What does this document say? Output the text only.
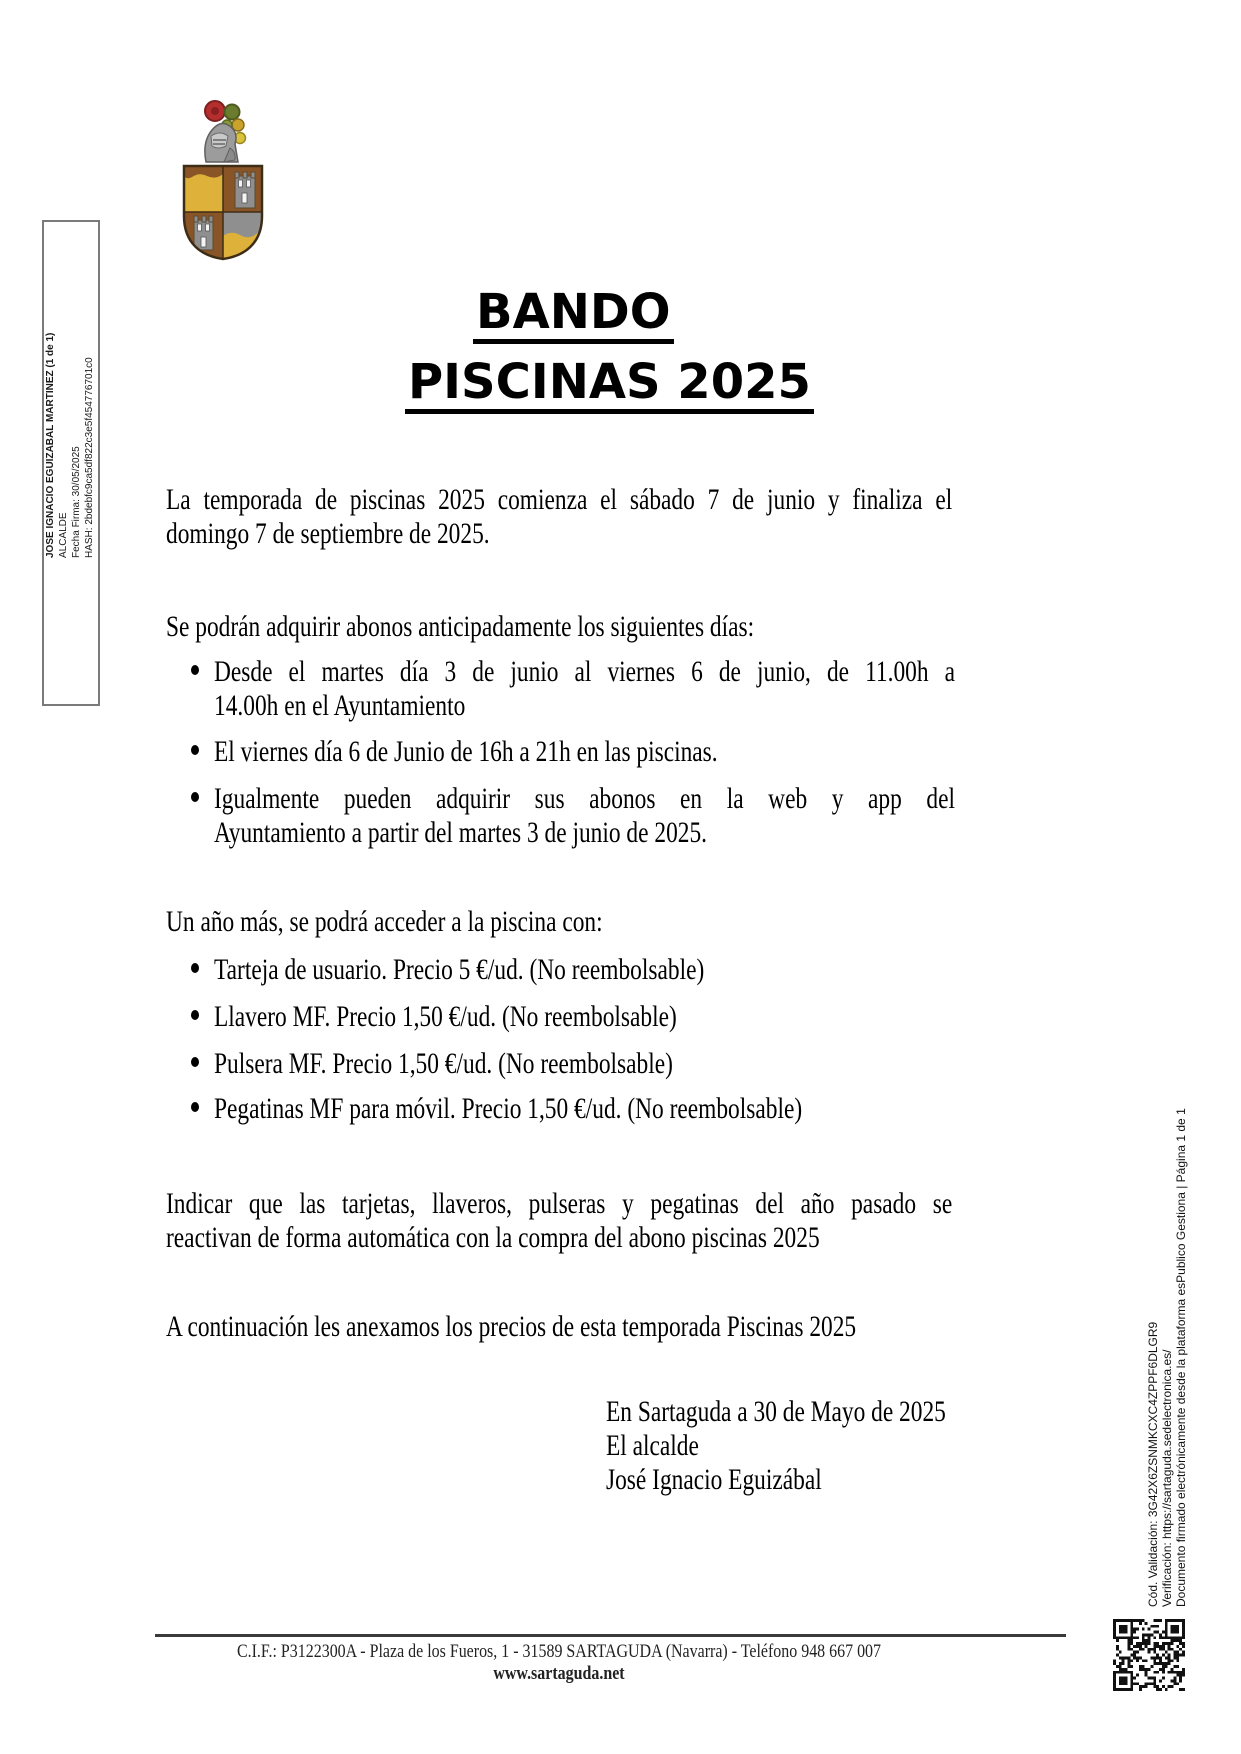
JOSE IGNACIO EGUIZABAL MARTINEZ (1 de 1) ALCALDE Fecha Firma: 30/05/2025 HASH: 2bdebfc9ca5df822c3e5f454776701c0
BANDO
PISCINAS 2025
En Sartaguda a 30 de Mayo de 2025
El alcalde
José Ignacio Eguizábal
C.I.F.: P3122300A - Plaza de los Fueros, 1 - 31589 SARTAGUDA (Navarra) - Teléfono 948 667 007
www.sartaguda.net
Cód. Validación: 3G42X6ZSNMKCXC4ZPPF6DLGR9 Verificación: https://sartaguda.sedelectronica.es/ Documento firmado electrónicamente desde la plataforma esPublico Gestiona | Página 1 de 1
La temporada de piscinas 2025 comienza el sábado 7 de junio y finaliza el
domingo 7 de septiembre de 2025.
Se podrán adquirir abonos anticipadamente los siguientes días:
Desde el martes día 3 de junio al viernes 6 de junio, de 11.00h a
14.00h en el Ayuntamiento
El viernes día 6 de Junio de 16h a 21h en las piscinas.
Igualmente pueden adquirir sus abonos en la web y app del
Ayuntamiento a partir del martes 3 de junio de 2025.
Un año más, se podrá acceder a la piscina con:
Tarteja de usuario. Precio 5 €/ud. (No reembolsable)
Llavero MF. Precio 1,50 €/ud. (No reembolsable)
Pulsera MF. Precio 1,50 €/ud. (No reembolsable)
Pegatinas MF para móvil. Precio 1,50 €/ud. (No reembolsable)
Indicar que las tarjetas, llaveros, pulseras y pegatinas del año pasado se
reactivan de forma automática con la compra del abono piscinas 2025
A continuación les anexamos los precios de esta temporada Piscinas 2025
